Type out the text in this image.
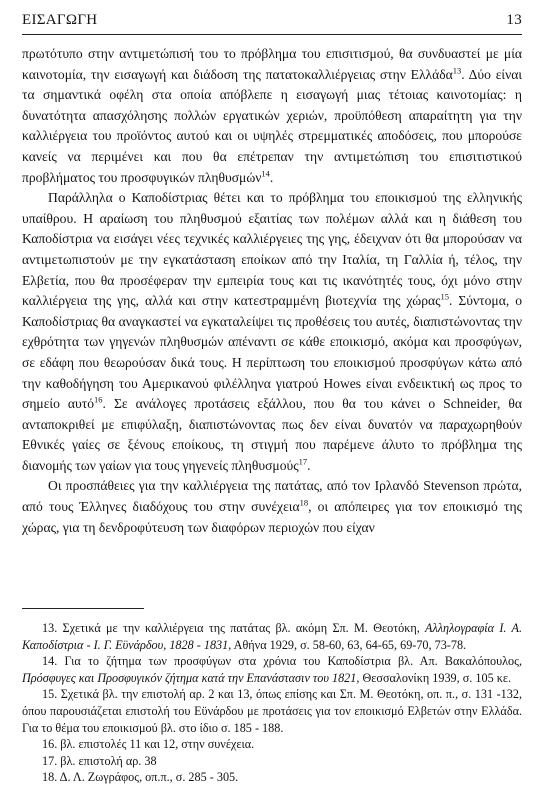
ΕΙΣΑΓΩΓΗ	13

πρωτότυπο στην αντιμετώπισή του το πρόβλημα του επισιτισμού, θα συνδυαστεί με μία καινοτομία, την εισαγωγή και διάδοση της πατατοκαλλιέργειας στην Ελλάδα$^{13}$. Δύο είναι τα σημαντικά οφέλη στα οποία απόβλεπε η εισαγωγή μιας τέτοιας καινοτομίας: η δυνατότητα απασχόλησης πολλών εργατικών χεριών, προϋπόθεση απαραίτητη για την καλλιέργεια του προϊόντος αυτού και οι υψηλές στρεμματικές αποδόσεις, που μπορούσε κανείς να περιμένει και που θα επέτρεπαν την αντιμετώπιση του επισιτιστικού προβλήματος του προσφυγικών πληθυσμών$^{14}$.

Παράλληλα ο Καποδίστριας θέτει και το πρόβλημα του εποικισμού της ελληνικής υπαίθρου. Η αραίωση του πληθυσμού εξαιτίας των πολέμων αλλά και η διάθεση του Καποδίστρια να εισάγει νέες τεχνικές καλλιέργειες της γης, έδειχναν ότι θα μπορούσαν να αντιμετωπιστούν με την εγκατάσταση εποίκων από την Ιταλία, τη Γαλλία ή, τέλος, την Ελβετία, που θα προσέφεραν την εμπειρία τους και τις ικανότητές τους, όχι μόνο στην καλλιέργεια της γης, αλλά και στην κατεστραμμένη βιοτεχνία της χώρας$^{15}$. Σύντομα, ο Καποδίστριας θα αναγκαστεί να εγκαταλείψει τις προθέσεις του αυτές, διαπιστώνοντας την εχθρότητα των γηγενών πληθυσμών απέναντι σε κάθε εποικισμό, ακόμα και προσφύγων, σε εδάφη που θεωρούσαν δικά τους. Η περίπτωση του εποικισμού προσφύγων κάτω από την καθοδήγηση του Αμερικανού φιλέλληνα γιατρού Howes είναι ενδεικτική ως προς το σημείο αυτό$^{16}$. Σε ανάλογες προτάσεις εξάλλου, που θα του κάνει ο Schneider, θα ανταποκριθεί με επιφύλαξη, διαπιστώνοντας πως δεν είναι δυνατόν να παραχωρηθούν Εθνικές γαίες σε ξένους εποίκους, τη στιγμή που παρέμενε άλυτο το πρόβλημα της διανομής των γαίων για τους γηγενείς πληθυσμούς$^{17}$.

Οι προσπάθειες για την καλλιέργεια της πατάτας, από τον Ιρλανδό Stevenson πρώτα, από τους Έλληνες διαδόχους του στην συνέχεια$^{18}$, οι απόπειρες για τον εποικισμό της χώρας, για τη δενδροφύτευση των διαφόρων περιοχών που είχαν

13. Σχετικά με την καλλιέργεια της πατάτας βλ. ακόμη Σπ. Μ. Θεοτόκη, Αλληλογραφία Ι. Α. Καποδίστρια - Ι. Γ. Εϋνάρδου, 1828 - 1831, Αθήνα 1929, σ. 58-60, 63, 64-65, 69-70, 73-78.
14. Για το ζήτημα των προσφύγων στα χρόνια του Καποδίστρια βλ. Απ. Βακαλόπουλος, Πρόσφυγες και Προσφυγικόν ζήτημα κατά την Επανάστασιν του 1821, Θεσσαλονίκη 1939, σ. 105 κε.
15. Σχετικά βλ. την επιστολή αρ. 2 και 13, όπως επίσης και Σπ. Μ. Θεοτόκη, οπ. π., σ. 131 -132, όπου παρουσιάζεται επιστολή του Εϋνάρδου με προτάσεις για τον εποικισμό Ελβετών στην Ελλάδα. Για το θέμα του εποικισμού βλ. στο ίδιο σ. 185 - 188.
16. βλ. επιστολές 11 και 12, στην συνέχεια.
17. βλ. επιστολή αρ. 38
18. Δ. Λ. Ζωγράφος, οπ.π., σ. 285 - 305.
